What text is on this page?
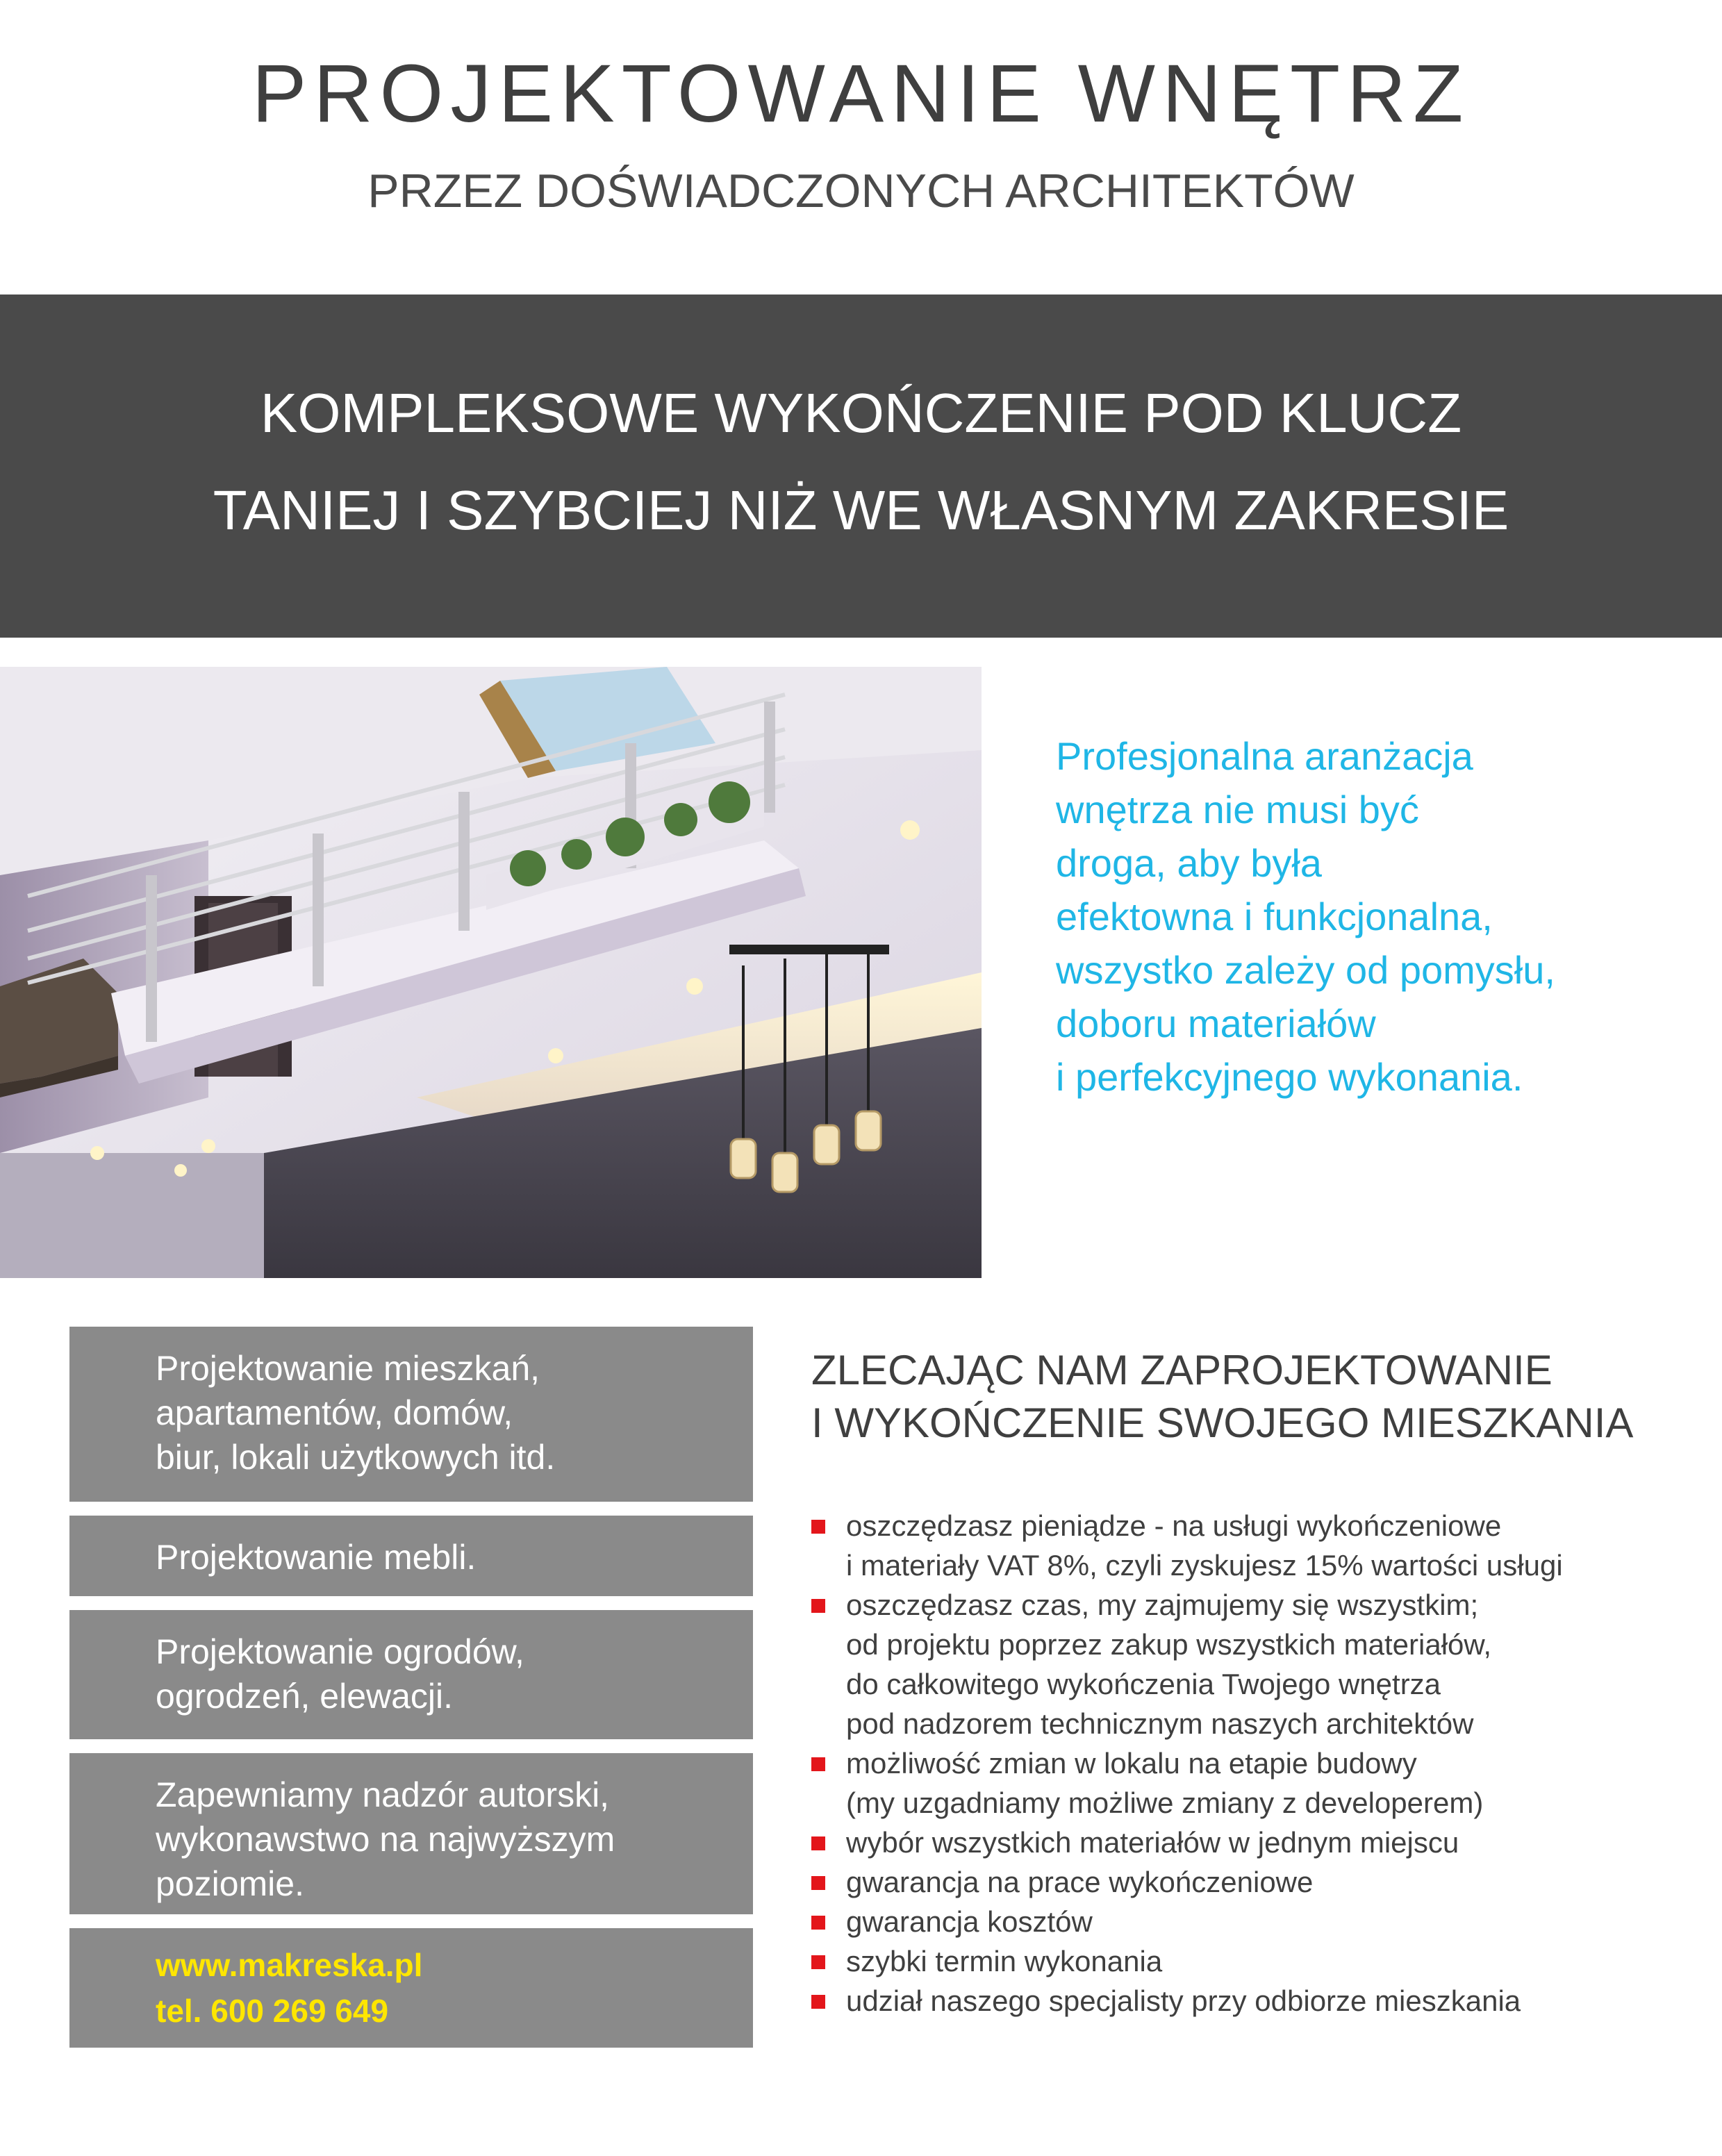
PROJEKTOWANIE WNĘTRZ
PRZEZ DOŚWIADCZONYCH ARCHITEKTÓW
KOMPLEKSOWE WYKOŃCZENIE POD KLUCZ
TANIEJ I SZYBCIEJ NIŻ WE WŁASNYM ZAKRESIE

Profesjonalna aranżacja

wnętrza nie musi być

droga, aby była

efektowna i funkcjonalna,

wszystko zależy od pomysłu,

doboru materiałów

i perfekcyjnego wykonania.

Projektowanie mieszkań,

apartamentów, domów,

biur, lokali użytkowych itd.

Projektowanie mebli.

Projektowanie ogrodów,

ogrodzeń, elewacji.

Zapewniamy nadzór autorski,

wykonawstwo na najwyższym

poziomie.

www.makreska.pl

tel. 600 269 649

ZLECAJĄC NAM ZAPROJEKTOWANIE

I WYKOŃCZENIE SWOJEGO MIESZKANIA

oszczędzasz pieniądze - na usługi wykończeniowe
i materiały VAT 8%, czyli zyskujesz 15% wartości usługi
oszczędzasz czas, my zajmujemy się wszystkim;
od projektu poprzez zakup wszystkich materiałów,
do całkowitego wykończenia Twojego wnętrza
pod nadzorem technicznym naszych architektów
możliwość zmian w lokalu na etapie budowy
(my uzgadniamy możliwe zmiany z developerem)
wybór wszystkich materiałów w jednym miejscu
gwarancja na prace wykończeniowe
gwarancja kosztów
szybki termin wykonania
udział naszego specjalisty przy odbiorze mieszkania
